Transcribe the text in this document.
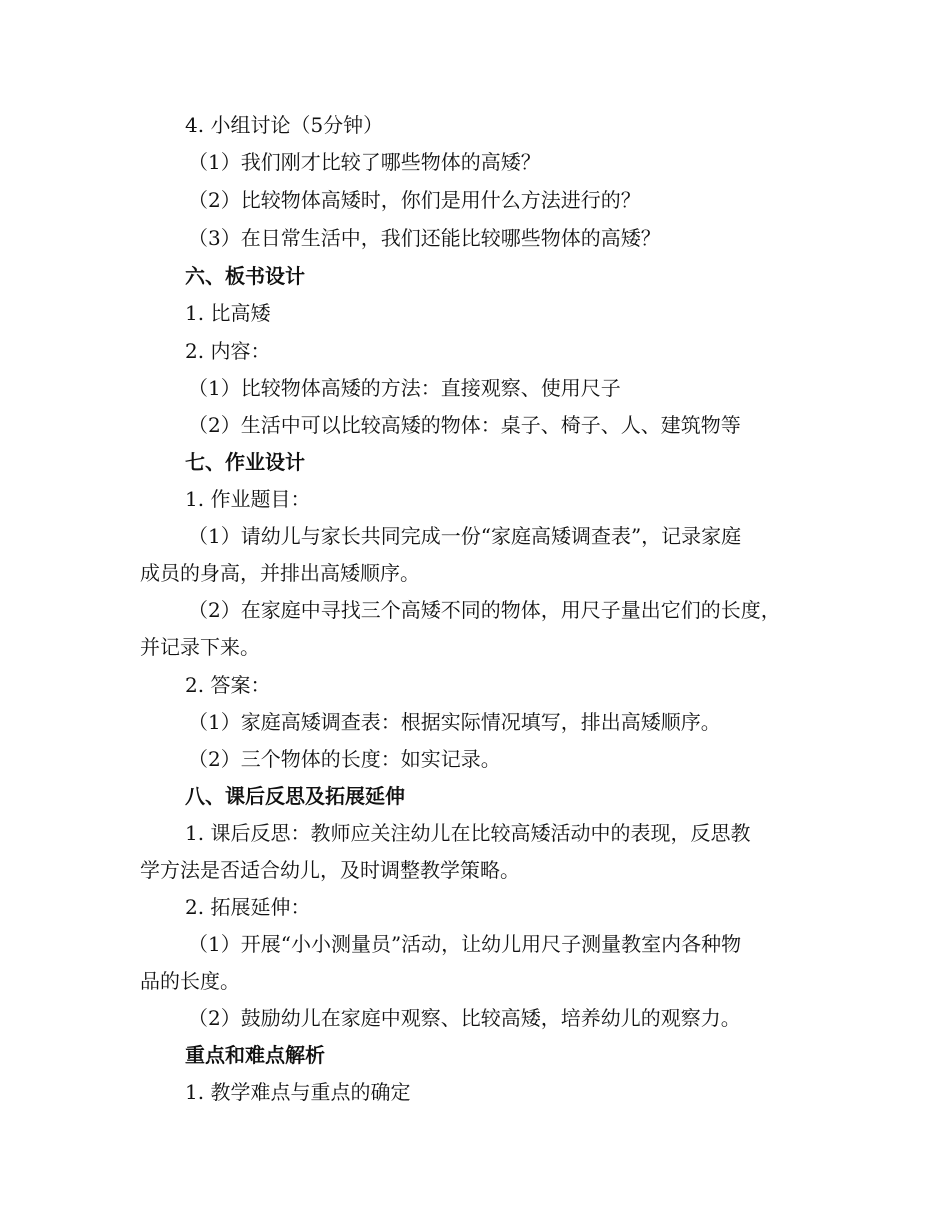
4. 小组讨论（5分钟）
（1）我们刚才比较了哪些物体的高矮？
（2）比较物体高矮时，你们是用什么方法进行的？
（3）在日常生活中，我们还能比较哪些物体的高矮？
六、板书设计
1. 比高矮
2. 内容：
（1）比较物体高矮的方法：直接观察、使用尺子
（2）生活中可以比较高矮的物体：桌子、椅子、人、建筑物等
七、作业设计
1. 作业题目：
（1）请幼儿与家长共同完成一份“家庭高矮调查表”，记录家庭
成员的身高，并排出高矮顺序。
（2）在家庭中寻找三个高矮不同的物体，用尺子量出它们的长度，
并记录下来。
2. 答案：
（1）家庭高矮调查表：根据实际情况填写，排出高矮顺序。
（2）三个物体的长度：如实记录。
八、课后反思及拓展延伸
1. 课后反思：教师应关注幼儿在比较高矮活动中的表现，反思教
学方法是否适合幼儿，及时调整教学策略。
2. 拓展延伸：
（1）开展“小小测量员”活动，让幼儿用尺子测量教室内各种物
品的长度。
（2）鼓励幼儿在家庭中观察、比较高矮，培养幼儿的观察力。
重点和难点解析
1. 教学难点与重点的确定
